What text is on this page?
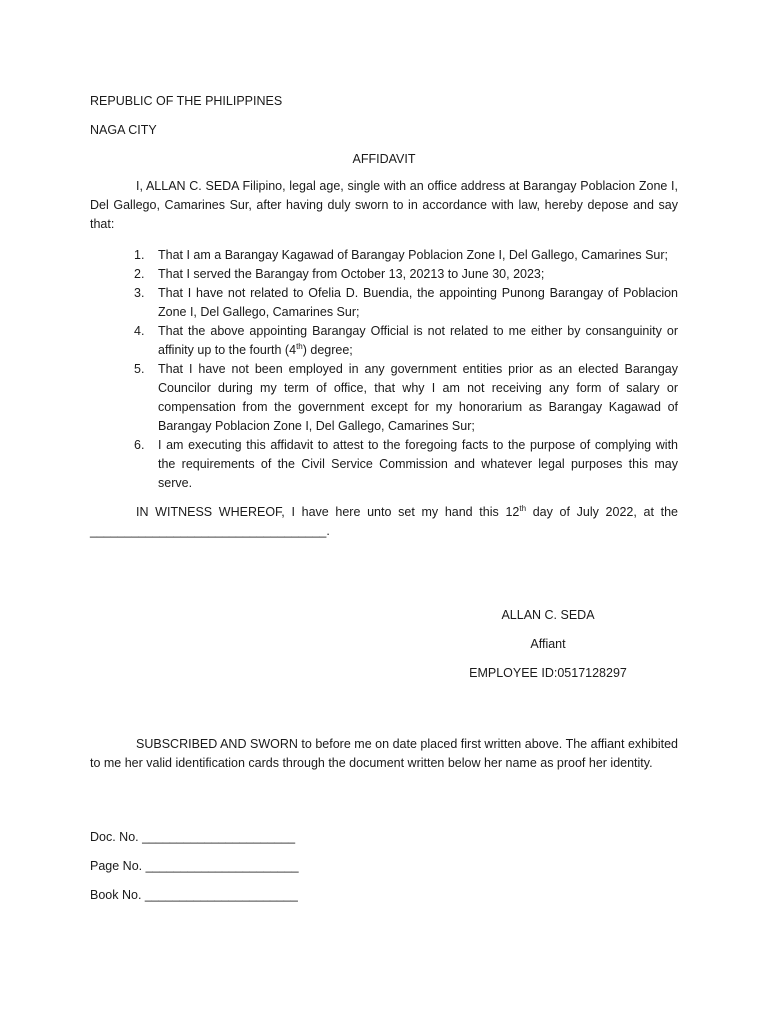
REPUBLIC OF THE PHILIPPINES

NAGA CITY

AFFIDAVIT

I, ALLAN C. SEDA Filipino, legal age, single with an office address at Barangay Poblacion Zone I, Del Gallego, Camarines Sur, after having duly sworn to in accordance with law, hereby depose and say that:

1. That I am a Barangay Kagawad of Barangay Poblacion Zone I, Del Gallego, Camarines Sur;
2. That I served the Barangay from October 13, 20213 to June 30, 2023;
3. That I have not related to Ofelia D. Buendia, the appointing Punong Barangay of Poblacion Zone I, Del Gallego, Camarines Sur;
4. That the above appointing Barangay Official is not related to me either by consanguinity or affinity up to the fourth (4th) degree;
5. That I have not been employed in any government entities prior as an elected Barangay Councilor during my term of office, that why I am not receiving any form of salary or compensation from the government except for my honorarium as Barangay Kagawad of Barangay Poblacion Zone I, Del Gallego, Camarines Sur;
6. I am executing this affidavit to attest to the foregoing facts to the purpose of complying with the requirements of the Civil Service Commission and whatever legal purposes this may serve.

IN WITNESS WHEREOF, I have here unto set my hand this 12th day of July 2022, at the __________________________________.

ALLAN C. SEDA
Affiant
EMPLOYEE ID:0517128297

SUBSCRIBED AND SWORN to before me on date placed first written above. The affiant exhibited to me her valid identification cards through the document written below her name as proof her identity.

Doc. No. ______________________
Page No. ______________________
Book No. ______________________
